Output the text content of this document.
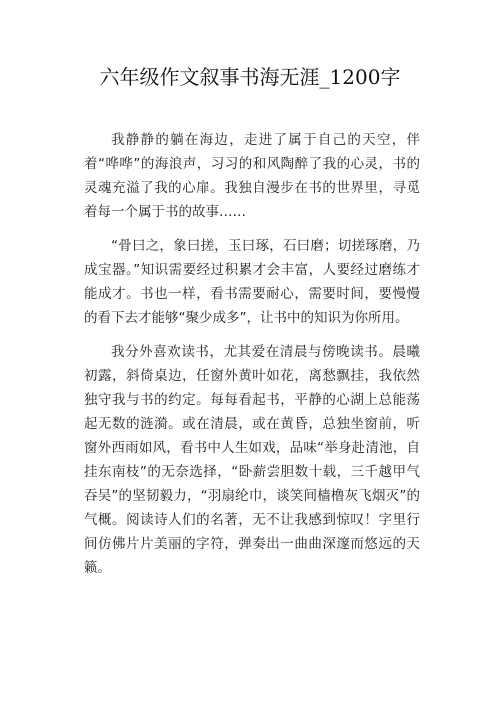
六年级作文叙事书海无涯_1200字

我静静的躺在海边，走进了属于自己的天空，伴着“哗哗”的海浪声，习习的和风陶醉了我的心灵，书的灵魂充溢了我的心扉。我独自漫步在书的世界里，寻觅着每一个属于书的故事……

“骨曰之，象曰搓，玉曰琢，石曰磨；切搓琢磨，乃成宝器。”知识需要经过积累才会丰富，人要经过磨练才能成才。书也一样，看书需要耐心，需要时间，要慢慢的看下去才能够“聚少成多”，让书中的知识为你所用。

我分外喜欢读书，尤其爱在清晨与傍晚读书。晨曦初露，斜倚桌边，任窗外黄叶如花，离愁飘挂，我依然独守我与书的约定。每每看起书，平静的心湖上总能荡起无数的涟漪。或在清晨，或在黄昏，总独坐窗前，听窗外西雨如风，看书中人生如戏，品味“举身赴清池，自挂东南枝”的无奈选择，“卧薪尝胆数十载，三千越甲气吞吴”的坚韧毅力，“羽扇纶巾，谈笑间樯橹灰飞烟灭”的气概。阅读诗人们的名著，无不让我感到惊叹！字里行间仿佛片片美丽的字符，弹奏出一曲曲深邃而悠远的天籁。
